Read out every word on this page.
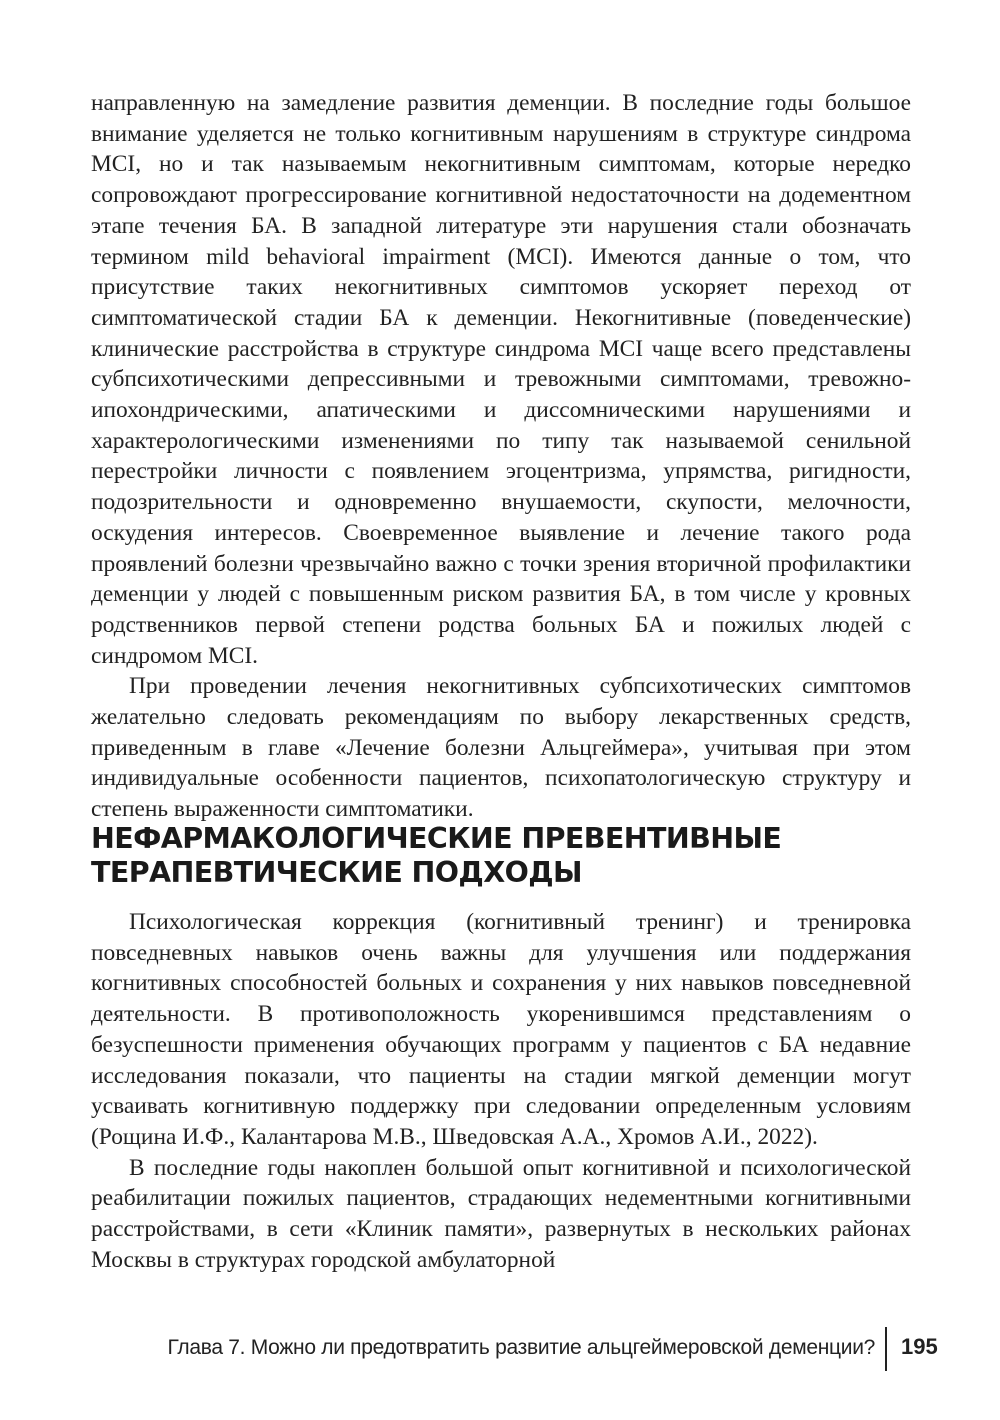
направленную на замедление развития деменции. В последние годы большое внимание уделяется не только когнитивным нарушениям в структуре синдрома MCI, но и так называемым некогнитивным симптомам, которые нередко сопровождают прогрессирование когнитивной недостаточности на додементном этапе течения БА. В западной литературе эти нарушения стали обозначать термином mild behavioral impairment (MCI). Имеются данные о том, что присутствие таких некогнитивных симптомов ускоряет переход от симптоматической стадии БА к деменции. Некогнитивные (поведенческие) клинические расстройства в структуре синдрома MCI чаще всего представлены субпсихотическими депрессивными и тревожными симптомами, тревожно-ипохондрическими, апатическими и диссомническими нарушениями и характерологическими изменениями по типу так называемой сенильной перестройки личности с появлением эгоцентризма, упрямства, ригидности, подозрительности и одновременно внушаемости, скупости, мелочности, оскудения интересов. Своевременное выявление и лечение такого рода проявлений болезни чрезвычайно важно с точки зрения вторичной профилактики деменции у людей с повышенным риском развития БА, в том числе у кровных родственников первой степени родства больных БА и пожилых людей с синдромом MCI.

При проведении лечения некогнитивных субпсихотических симптомов желательно следовать рекомендациям по выбору лекарственных средств, приведенным в главе «Лечение болезни Альцгеймера», учитывая при этом индивидуальные особенности пациентов, психопатологическую структуру и степень выраженности симптоматики.

НЕФАРМАКОЛОГИЧЕСКИЕ ПРЕВЕНТИВНЫЕ
ТЕРАПЕВТИЧЕСКИЕ ПОДХОДЫ

Психологическая коррекция (когнитивный тренинг) и тренировка повседневных навыков очень важны для улучшения или поддержания когнитивных способностей больных и сохранения у них навыков повседневной деятельности. В противоположность укоренившимся представлениям о безуспешности применения обучающих программ у пациентов с БА недавние исследования показали, что пациенты на стадии мягкой деменции могут усваивать когнитивную поддержку при следовании определенным условиям (Рощина И.Ф., Калантарова М.В., Шведовская А.А., Хромов А.И., 2022).

В последние годы накоплен большой опыт когнитивной и психологической реабилитации пожилых пациентов, страдающих недементными когнитивными расстройствами, в сети «Клиник памяти», развернутых в нескольких районах Москвы в структурах городской амбулаторной

Глава 7. Можно ли предотвратить развитие альцгеймеровской деменции? 195
